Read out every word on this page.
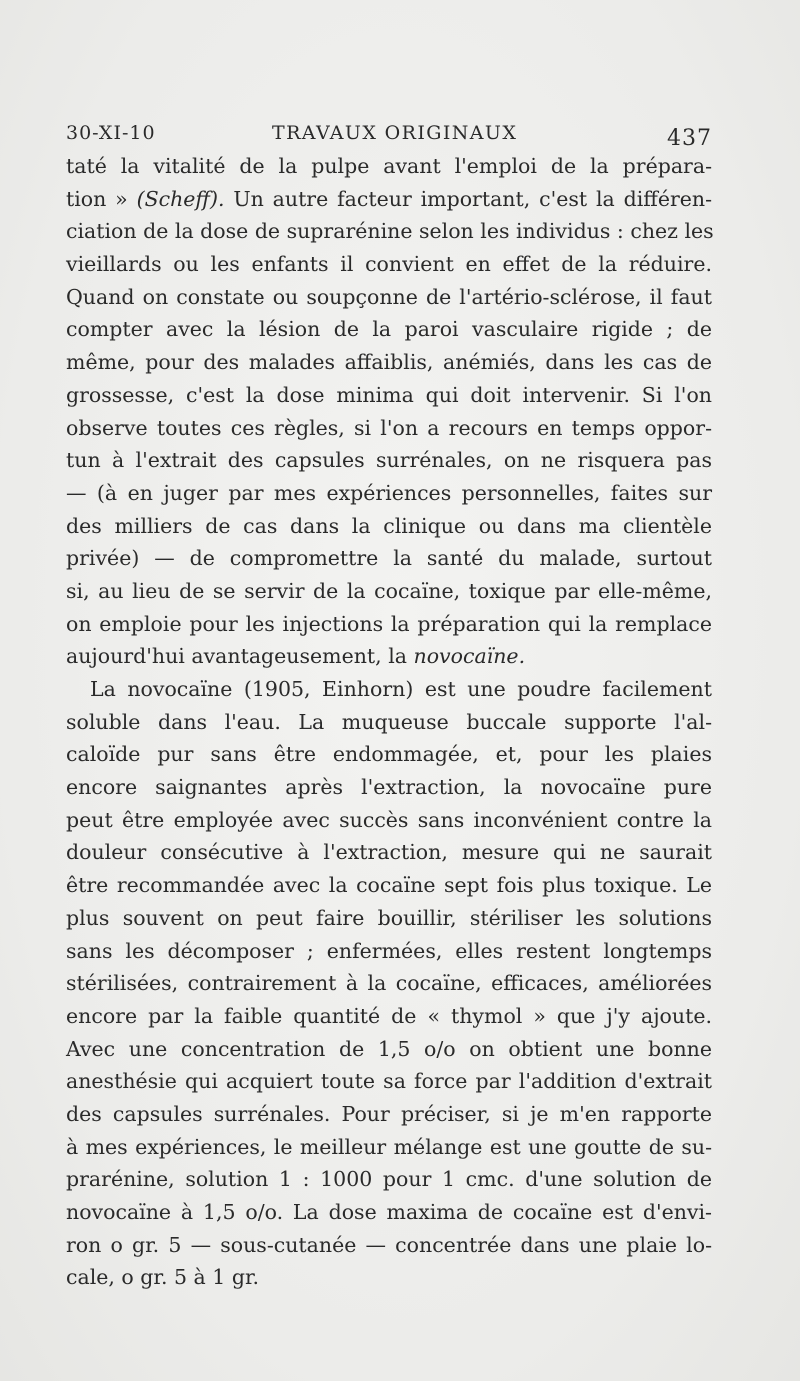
30-XI-10	TRAVAUX ORIGINAUX	437
taté la vitalité de la pulpe avant l'emploi de la prépara-
tion » (Scheff). Un autre facteur important, c'est la différen-
ciation de la dose de suprarénine selon les individus : chez les
vieillards ou les enfants il convient en effet de la réduire.
Quand on constate ou soupçonne de l'artério-sclérose, il faut
compter avec la lésion de la paroi vasculaire rigide ; de
même, pour des malades affaiblis, anémiés, dans les cas de
grossesse, c'est la dose minima qui doit intervenir. Si l'on
observe toutes ces règles, si l'on a recours en temps oppor-
tun à l'extrait des capsules surrénales, on ne risquera pas
— (à en juger par mes expériences personnelles, faites sur
des milliers de cas dans la clinique ou dans ma clientèle
privée) — de compromettre la santé du malade, surtout
si, au lieu de se servir de la cocaïne, toxique par elle-même,
on emploie pour les injections la préparation qui la remplace
aujourd'hui avantageusement, la novocaïne.
La novocaïne (1905, Einhorn) est une poudre facilement
soluble dans l'eau. La muqueuse buccale supporte l'al-
caloïde pur sans être endommagée, et, pour les plaies
encore saignantes après l'extraction, la novocaïne pure
peut être employée avec succès sans inconvénient contre la
douleur consécutive à l'extraction, mesure qui ne saurait
être recommandée avec la cocaïne sept fois plus toxique. Le
plus souvent on peut faire bouillir, stériliser les solutions
sans les décomposer ; enfermées, elles restent longtemps
stérilisées, contrairement à la cocaïne, efficaces, améliorées
encore par la faible quantité de « thymol » que j'y ajoute.
Avec une concentration de 1,5 o/o on obtient une bonne
anesthésie qui acquiert toute sa force par l'addition d'extrait
des capsules surrénales. Pour préciser, si je m'en rapporte
à mes expériences, le meilleur mélange est une goutte de su-
prarénine, solution 1 : 1000 pour 1 cmc. d'une solution de
novocaïne à 1,5 o/o. La dose maxima de cocaïne est d'envi-
ron o gr. 5 — sous-cutanée — concentrée dans une plaie lo-
cale, o gr. 5 à 1 gr.
